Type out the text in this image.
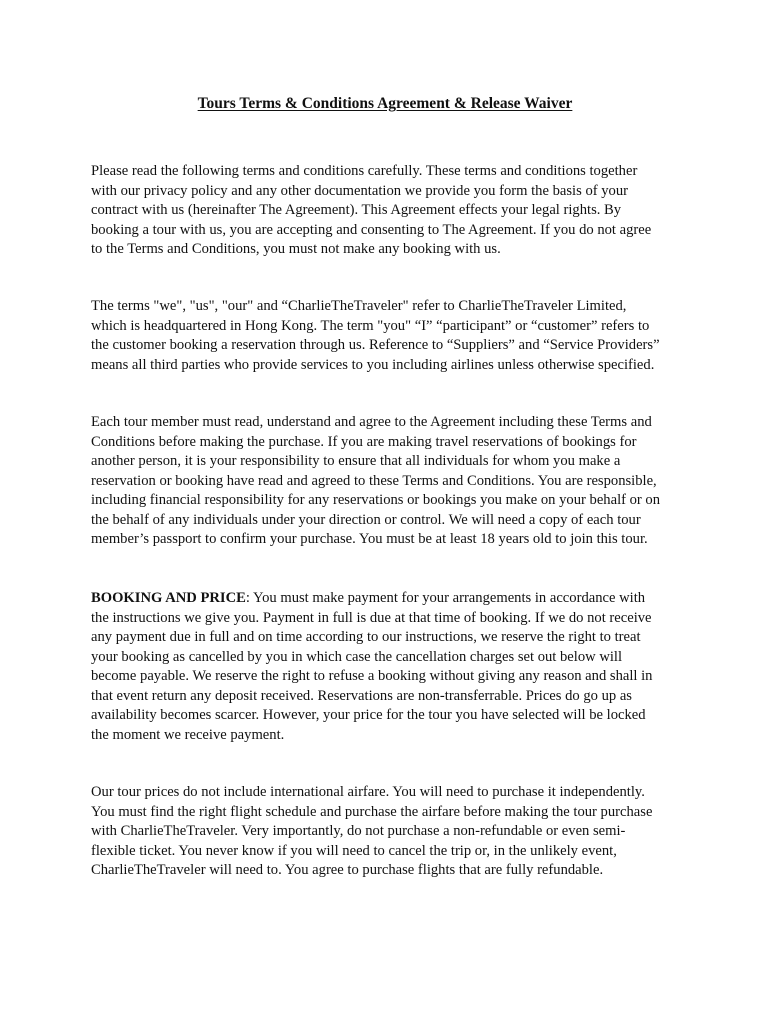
Tours Terms & Conditions Agreement & Release Waiver
Please read the following terms and conditions carefully. These terms and conditions together
with our privacy policy and any other documentation we provide you form the basis of your
contract with us (hereinafter The Agreement). This Agreement effects your legal rights. By
booking a tour with us, you are accepting and consenting to The Agreement. If you do not agree
to the Terms and Conditions, you must not make any booking with us.
The terms "we", "us", "our" and “CharlieTheTraveler" refer to CharlieTheTraveler Limited,
which is headquartered in Hong Kong. The term "you" “I” “participant” or “customer” refers to
the customer booking a reservation through us. Reference to “Suppliers” and “Service Providers”
means all third parties who provide services to you including airlines unless otherwise specified.
Each tour member must read, understand and agree to the Agreement including these Terms and
Conditions before making the purchase. If you are making travel reservations of bookings for
another person, it is your responsibility to ensure that all individuals for whom you make a
reservation or booking have read and agreed to these Terms and Conditions. You are responsible,
including financial responsibility for any reservations or bookings you make on your behalf or on
the behalf of any individuals under your direction or control. We will need a copy of each tour
member’s passport to confirm your purchase. You must be at least 18 years old to join this tour.
BOOKING AND PRICE: You must make payment for your arrangements in accordance with
the instructions we give you. Payment in full is due at that time of booking. If we do not receive
any payment due in full and on time according to our instructions, we reserve the right to treat
your booking as cancelled by you in which case the cancellation charges set out below will
become payable. We reserve the right to refuse a booking without giving any reason and shall in
that event return any deposit received. Reservations are non-transferrable. Prices do go up as
availability becomes scarcer. However, your price for the tour you have selected will be locked
the moment we receive payment.
Our tour prices do not include international airfare. You will need to purchase it independently.
You must find the right flight schedule and purchase the airfare before making the tour purchase
with CharlieTheTraveler. Very importantly, do not purchase a non-refundable or even semi-
flexible ticket. You never know if you will need to cancel the trip or, in the unlikely event,
CharlieTheTraveler will need to. You agree to purchase flights that are fully refundable.
